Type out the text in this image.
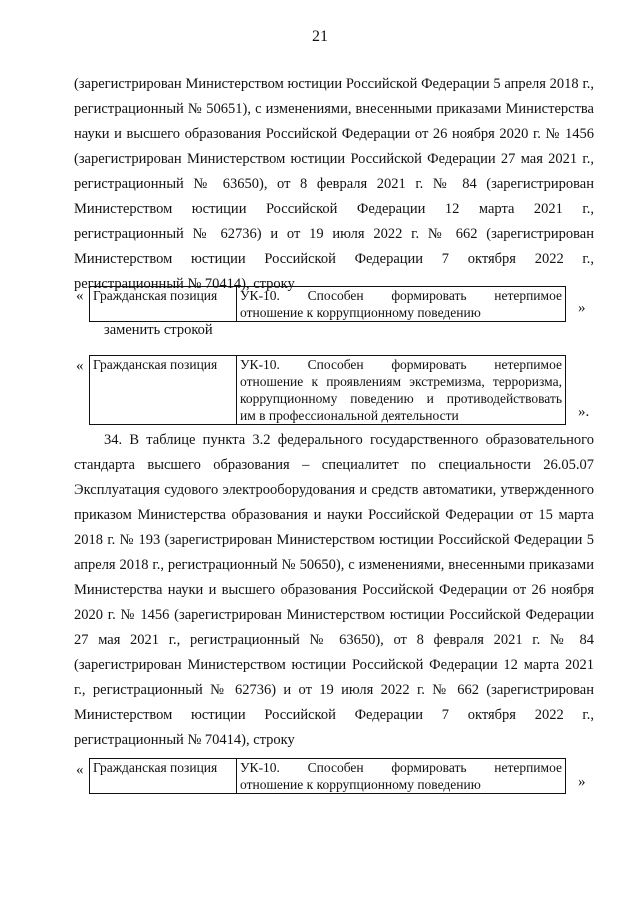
21
(зарегистрирован Министерством юстиции Российской Федерации 5 апреля 2018 г., регистрационный № 50651), с изменениями, внесенными приказами Министерства науки и высшего образования Российской Федерации от 26 ноября 2020 г. № 1456 (зарегистрирован Министерством юстиции Российской Федерации 27 мая 2021 г., регистрационный № 63650), от 8 февраля 2021 г. № 84 (зарегистрирован Министерством юстиции Российской Федерации 12 марта 2021 г., регистрационный № 62736) и от 19 июля 2022 г. № 662 (зарегистрирован Министерством юстиции Российской Федерации 7 октября 2022 г., регистрационный № 70414), строку
« Гражданская позиция	УК-10. Способен формировать нетерпимое
отношение к коррупционному поведению	»
заменить строкой
« Гражданская позиция	УК-10. Способен формировать нетерпимое
отношение к проявлениям экстремизма, терроризма,
коррупционному поведению и противодействовать
им в профессиональной деятельности	».
34. В таблице пункта 3.2 федерального государственного образовательного стандарта высшего образования – специалитет по специальности 26.05.07 Эксплуатация судового электрооборудования и средств автоматики, утвержденного приказом Министерства образования и науки Российской Федерации от 15 марта 2018 г. № 193 (зарегистрирован Министерством юстиции Российской Федерации 5 апреля 2018 г., регистрационный № 50650), с изменениями, внесенными приказами Министерства науки и высшего образования Российской Федерации от 26 ноября 2020 г. № 1456 (зарегистрирован Министерством юстиции Российской Федерации 27 мая 2021 г., регистрационный № 63650), от 8 февраля 2021 г. № 84 (зарегистрирован Министерством юстиции Российской Федерации 12 марта 2021 г., регистрационный № 62736) и от 19 июля 2022 г. № 662 (зарегистрирован Министерством юстиции Российской Федерации 7 октября 2022 г., регистрационный № 70414), строку
« Гражданская позиция	УК-10. Способен формировать нетерпимое
отношение к коррупционному поведению	»
